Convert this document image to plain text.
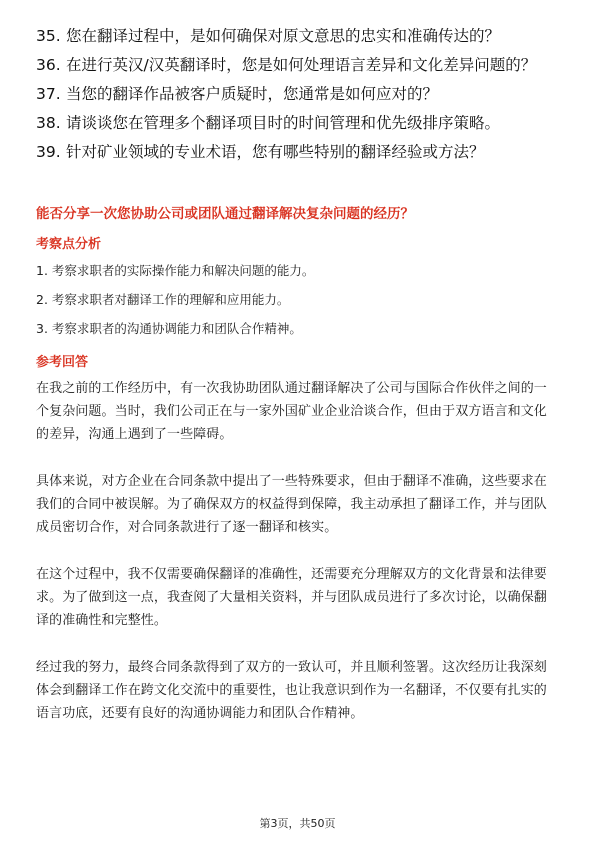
35. 您在翻译过程中，是如何确保对原文意思的忠实和准确传达的？
36. 在进行英汉/汉英翻译时，您是如何处理语言差异和文化差异问题的？
37. 当您的翻译作品被客户质疑时，您通常是如何应对的？
38. 请谈谈您在管理多个翻译项目时的时间管理和优先级排序策略。
39. 针对矿业领域的专业术语，您有哪些特别的翻译经验或方法？
能否分享一次您协助公司或团队通过翻译解决复杂问题的经历？
考察点分析
1. 考察求职者的实际操作能力和解决问题的能力。
2. 考察求职者对翻译工作的理解和应用能力。
3. 考察求职者的沟通协调能力和团队合作精神。
参考回答

在我之前的工作经历中，有一次我协助团队通过翻译解决了公司与国际合作伙伴之间的一个复杂问题。当时，我们公司正在与一家外国矿业企业洽谈合作，但由于双方语言和文化的差异，沟通上遇到了一些障碍。

具体来说，对方企业在合同条款中提出了一些特殊要求，但由于翻译不准确，这些要求在我们的合同中被误解。为了确保双方的权益得到保障，我主动承担了翻译工作，并与团队成员密切合作，对合同条款进行了逐一翻译和核实。

在这个过程中，我不仅需要确保翻译的准确性，还需要充分理解双方的文化背景和法律要求。为了做到这一点，我查阅了大量相关资料，并与团队成员进行了多次讨论，以确保翻译的准确性和完整性。

经过我的努力，最终合同条款得到了双方的一致认可，并且顺利签署。这次经历让我深刻体会到翻译工作在跨文化交流中的重要性，也让我意识到作为一名翻译，不仅要有扎实的语言功底，还要有良好的沟通协调能力和团队合作精神。

第3页，共50页
